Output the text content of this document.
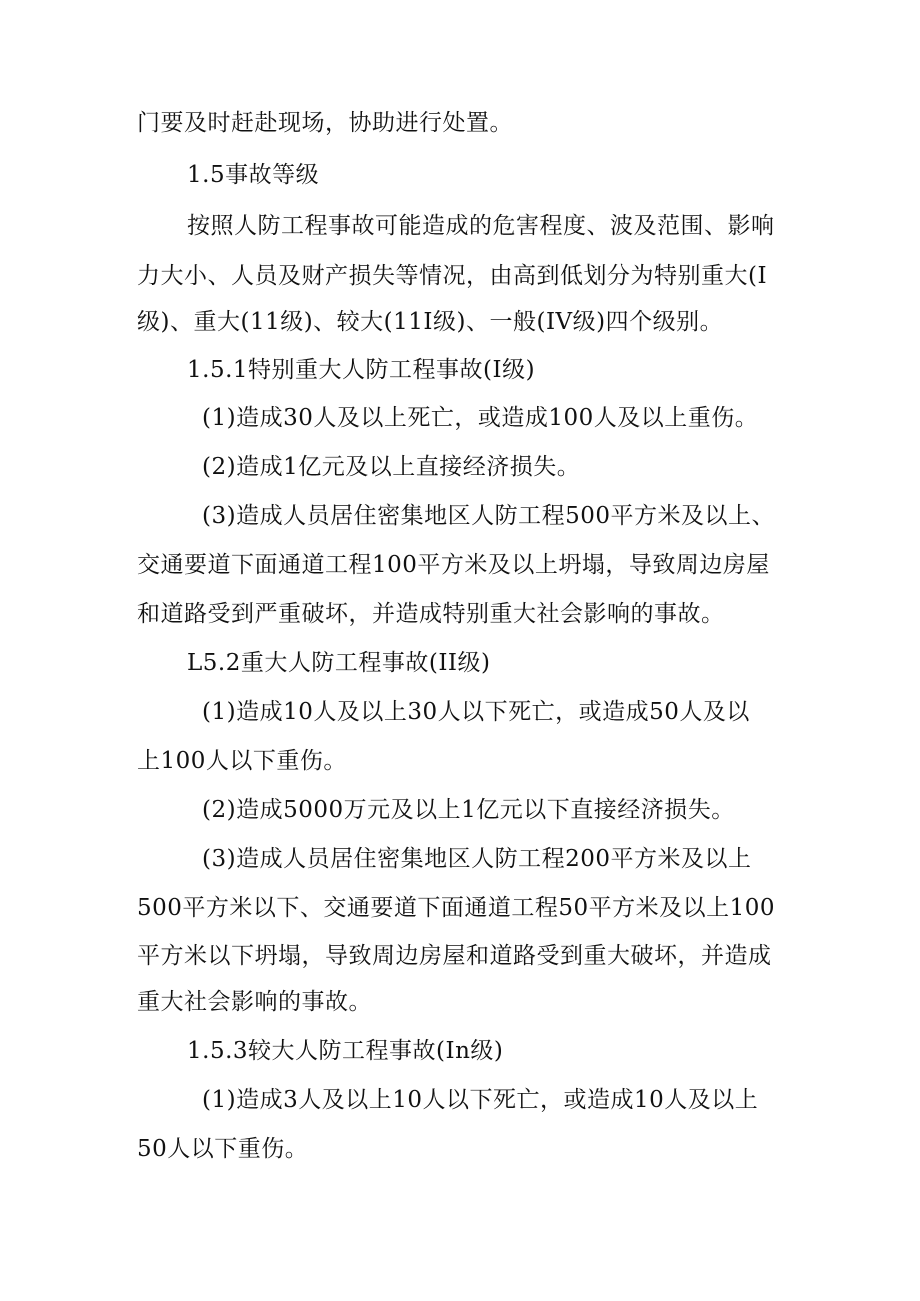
门要及时赶赴现场，协助进行处置。
1.5事故等级
按照人防工程事故可能造成的危害程度、波及范围、影响
力大小、人员及财产损失等情况，由高到低划分为特别重大(I
级)、重大(11级)、较大(11I级)、一般(IV级)四个级别。
1.5.1特别重大人防工程事故(I级)
(1)造成30人及以上死亡，或造成100人及以上重伤。
(2)造成1亿元及以上直接经济损失。
(3)造成人员居住密集地区人防工程500平方米及以上、
交通要道下面通道工程100平方米及以上坍塌，导致周边房屋
和道路受到严重破坏，并造成特别重大社会影响的事故。
L5.2重大人防工程事故(II级)
(1)造成10人及以上30人以下死亡，或造成50人及以
上100人以下重伤。
(2)造成5000万元及以上1亿元以下直接经济损失。
(3)造成人员居住密集地区人防工程200平方米及以上
500平方米以下、交通要道下面通道工程50平方米及以上100
平方米以下坍塌，导致周边房屋和道路受到重大破坏，并造成
重大社会影响的事故。
1.5.3较大人防工程事故(In级)
(1)造成3人及以上10人以下死亡，或造成10人及以上
50人以下重伤。
